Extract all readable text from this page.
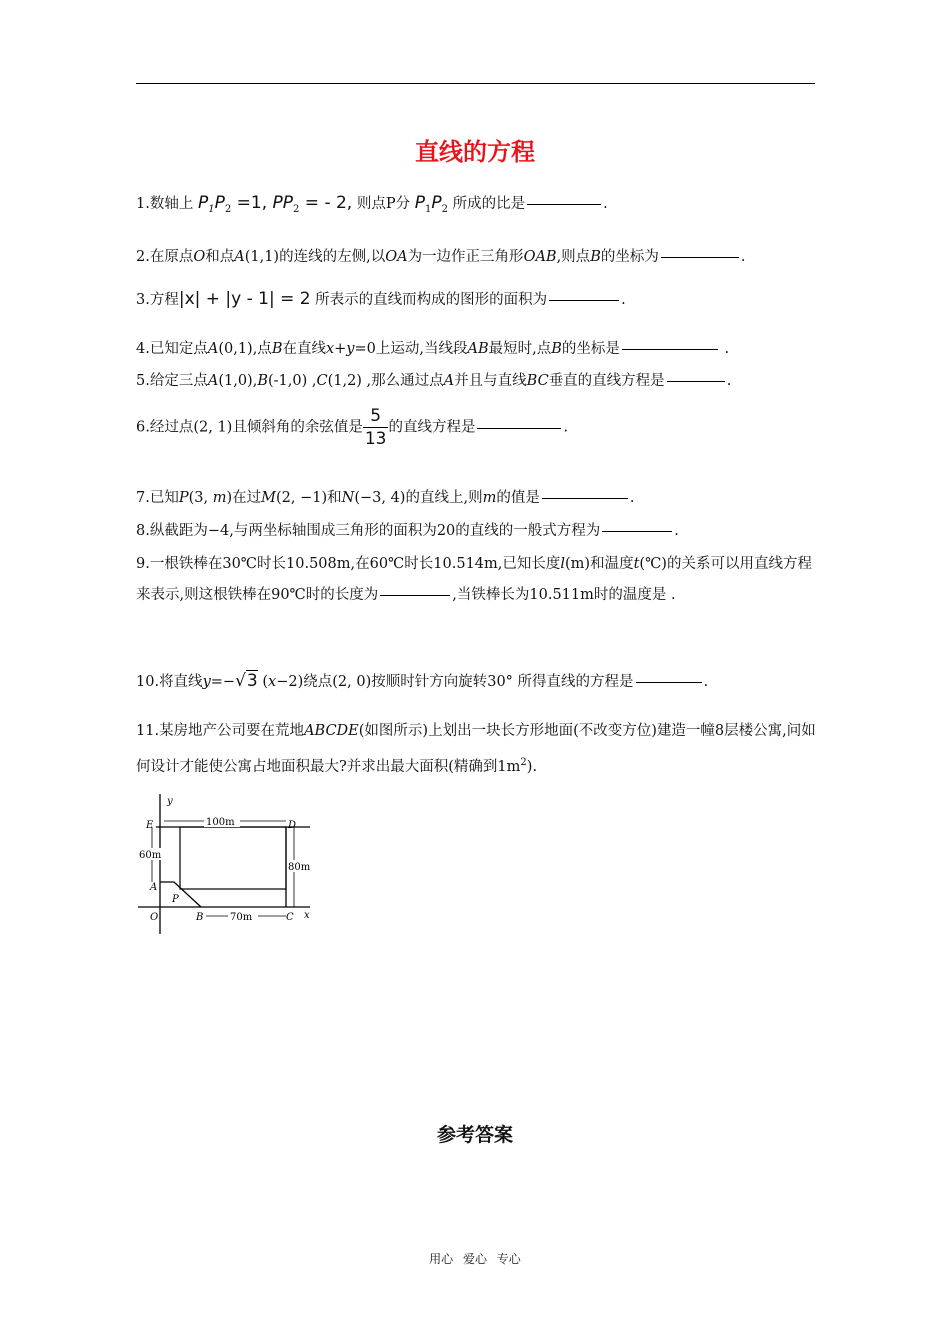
直线的方程
1.数轴上 $P_1P_2 =1$, $PP_2$ = - 2, 则点P分 $P_1P_2$ 所成的比是	.
2.在原点O和点A(1,1)的连线的左侧,以OA为一边作正三角形OAB,则点B的坐标为	.
3.方程|x| + |y - 1| = 2 所表示的直线而构成的图形的面积为	.
4.已知定点A(0,1),点B在直线x+y=0上运动,当线段AB最短时,点B的坐标是	.
5.给定三点A(1,0),B(-1,0) ,C(1,2) ,那么通过点A并且与直线BC垂直的直线方程是	.
6.经过点(2, 1)且倾斜角的余弦值是 $\frac{5}{13}$ 的直线方程是	.
7.已知P(3, m)在过M(2, −1)和N(−3, 4)的直线上,则m的值是	.
8.纵截距为−4,与两坐标轴围成三角形的面积为20的直线的一般式方程为	.
9.一根铁棒在30℃时长10.508m,在60℃时长10.514m,已知长度l(m)和温度t(℃)的关系可以用直线方程来表示,则这根铁棒在90℃时的长度为	,当铁棒长为10.511m时的温度是 .
10.将直线y=−√3 (x−2)绕点(2, 0)按顺时针方向旋转30° 所得直线的方程是	.
11.某房地产公司要在荒地ABCDE(如图所示)上划出一块长方形地面(不改变方位)建造一幢8层楼公寓,问如何设计才能使公寓占地面积最大?并求出最大面积(精确到$1m^2$).
y
x
E	D
A
P
O	B	C
100m
60m
80m
70m
参考答案
用心 爱心 专心
